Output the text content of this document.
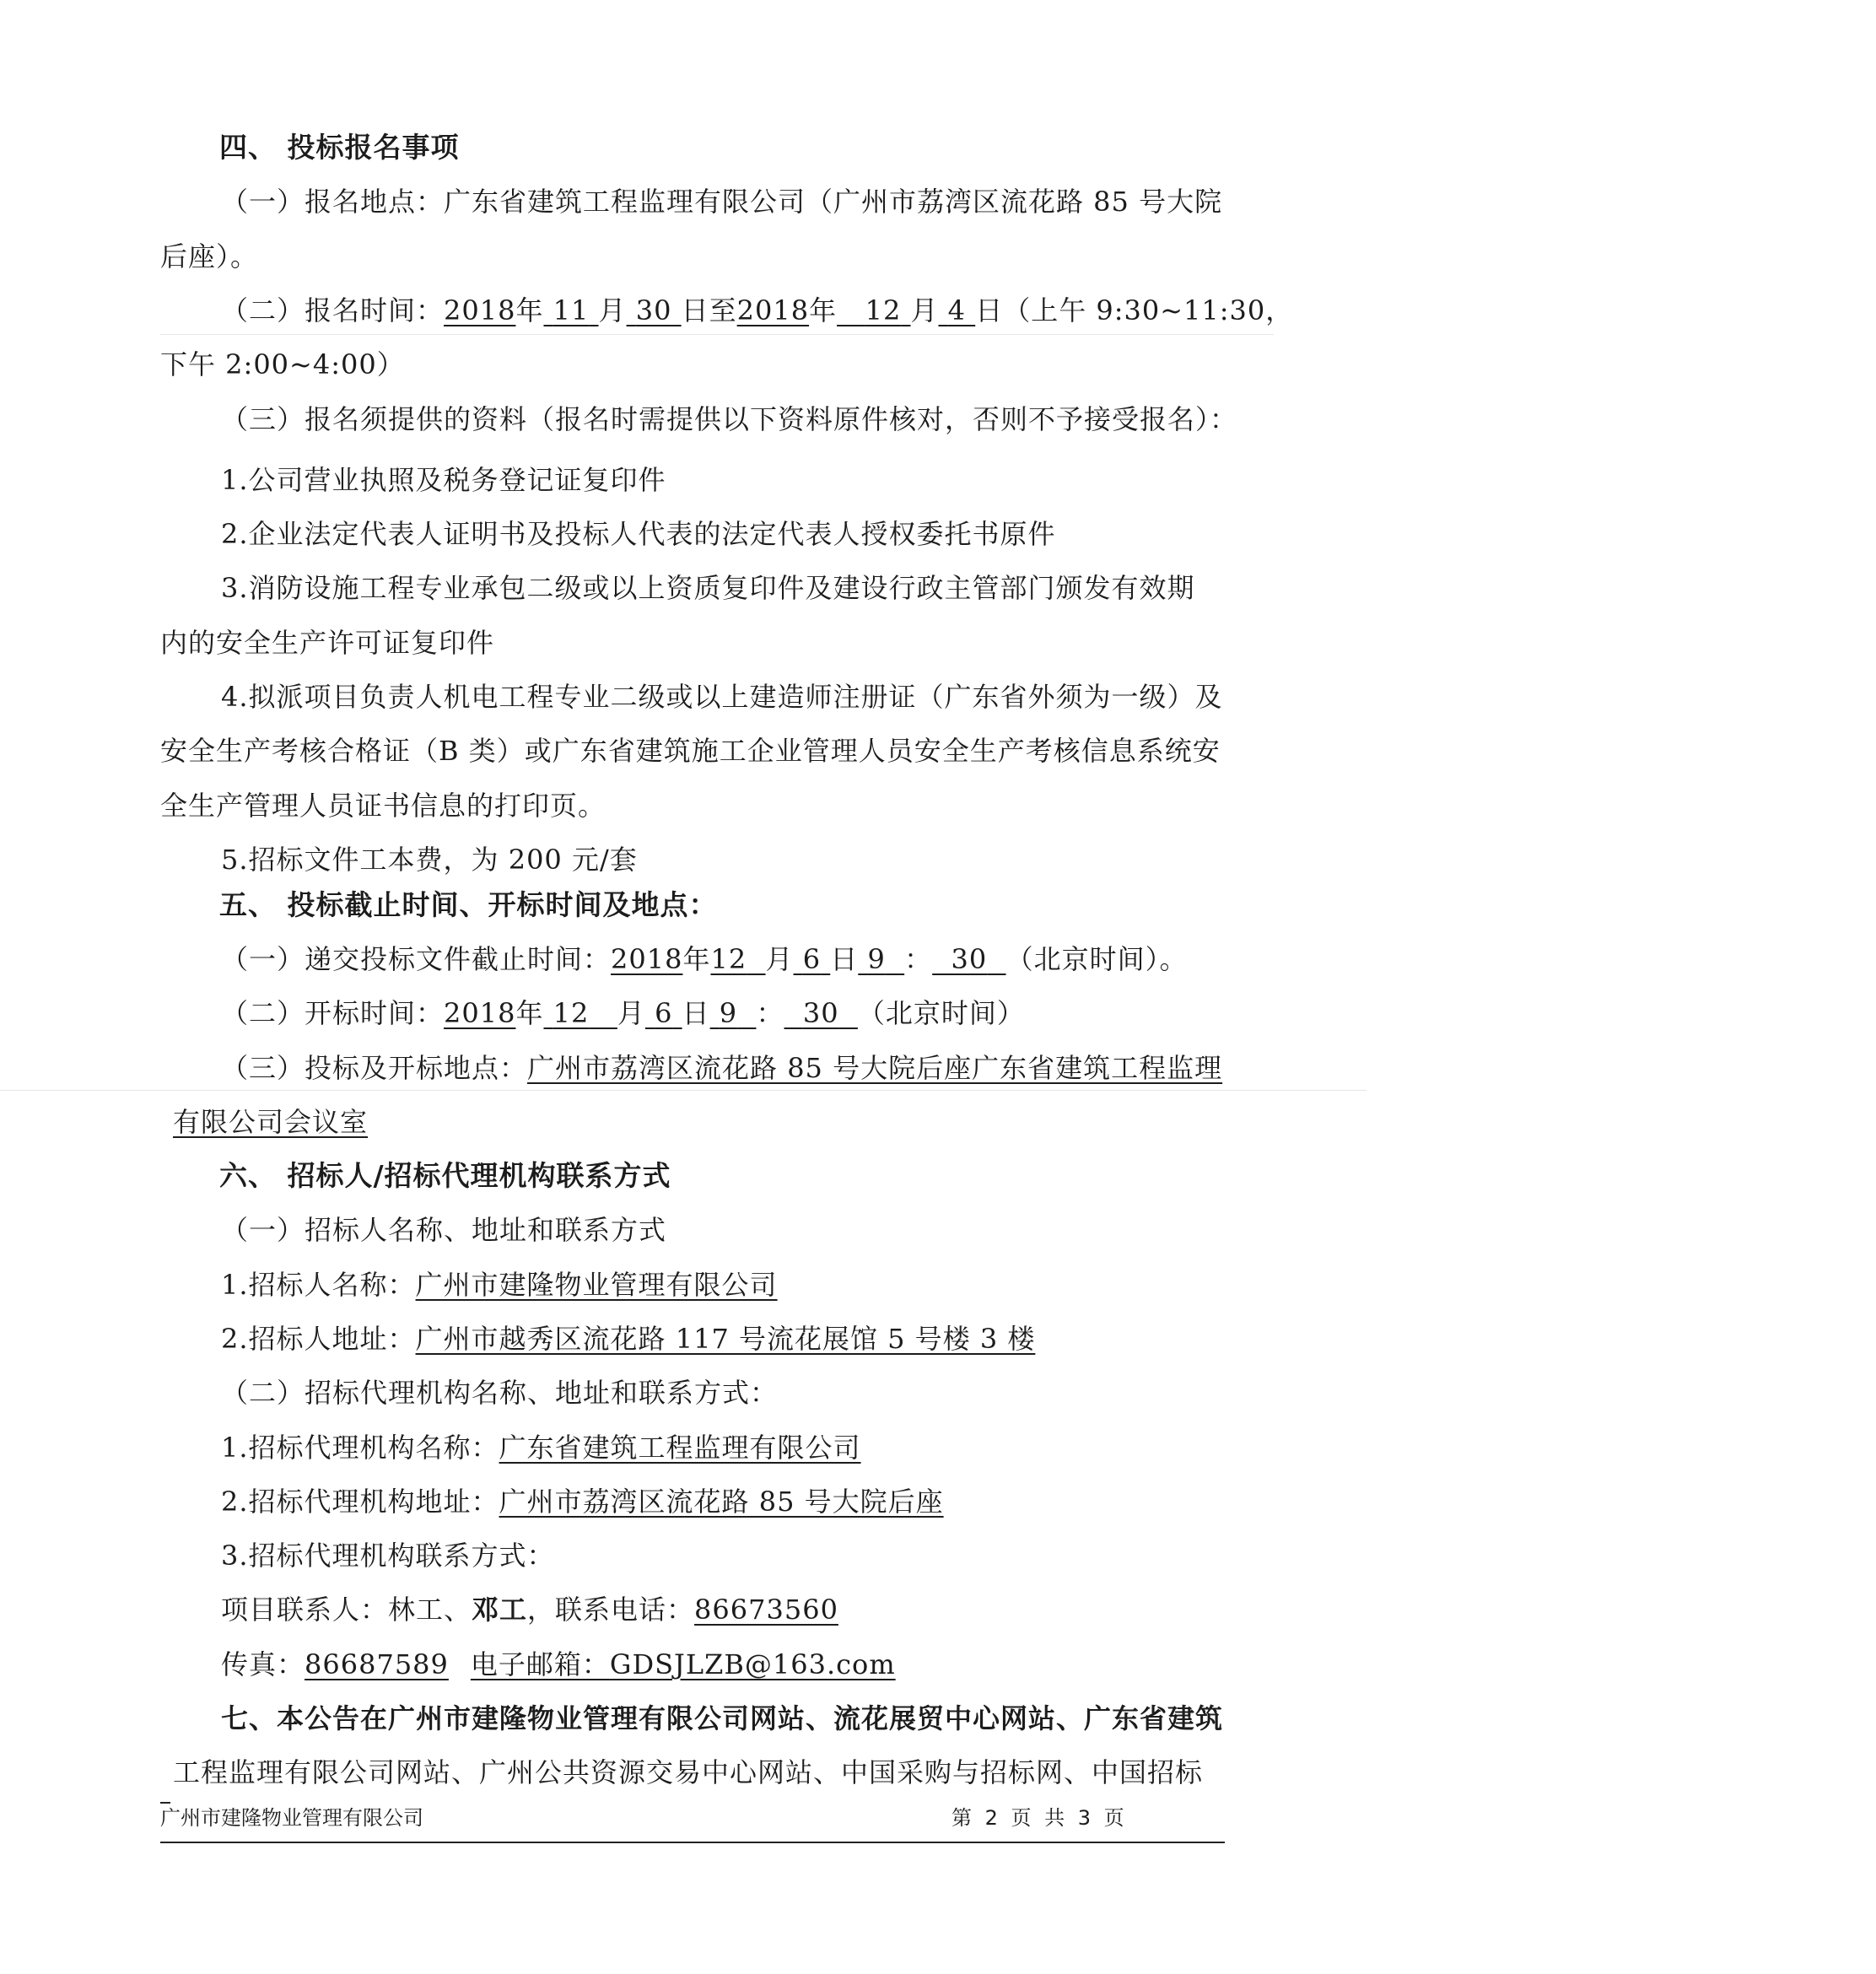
四、 投标报名事项
（一）报名地点：广东省建筑工程监理有限公司（广州市荔湾区流花路 85 号大院
后座）。
（二）报名时间：2018年 11 月 30 日至2018年 12 月 4 日（上午 9:30~11:30，
下午 2:00~4:00）
（三）报名须提供的资料（报名时需提供以下资料原件核对，否则不予接受报名）：
1.公司营业执照及税务登记证复印件
2.企业法定代表人证明书及投标人代表的法定代表人授权委托书原件
3.消防设施工程专业承包二级或以上资质复印件及建设行政主管部门颁发有效期
内的安全生产许可证复印件
4.拟派项目负责人机电工程专业二级或以上建造师注册证（广东省外须为一级）及
安全生产考核合格证（B 类）或广东省建筑施工企业管理人员安全生产考核信息系统安
全生产管理人员证书信息的打印页。
5.招标文件工本费，为 200 元/套
五、 投标截止时间、开标时间及地点：
（一）递交投标文件截止时间：2018年12 月 6 日 9 ： 30 （北京时间）。
（二）开标时间：2018年 12 月 6 日 9 ： 30 （北京时间）
（三）投标及开标地点：广州市荔湾区流花路 85 号大院后座广东省建筑工程监理
有限公司会议室
六、 招标人/招标代理机构联系方式
（一）招标人名称、地址和联系方式
1.招标人名称：广州市建隆物业管理有限公司
2.招标人地址：广州市越秀区流花路 117 号流花展馆 5 号楼 3 楼
（二）招标代理机构名称、地址和联系方式：
1.招标代理机构名称：广东省建筑工程监理有限公司
2.招标代理机构地址：广州市荔湾区流花路 85 号大院后座
3.招标代理机构联系方式：
项目联系人：林工、邓工，联系电话：86673560
传真：86687589 电子邮箱：GDSJLZB@163.com
七、本公告在广州市建隆物业管理有限公司网站、流花展贸中心网站、广东省建筑
工程监理有限公司网站、广州公共资源交易中心网站、中国采购与招标网、中国招标
广州市建隆物业管理有限公司	第 2 页 共 3 页
